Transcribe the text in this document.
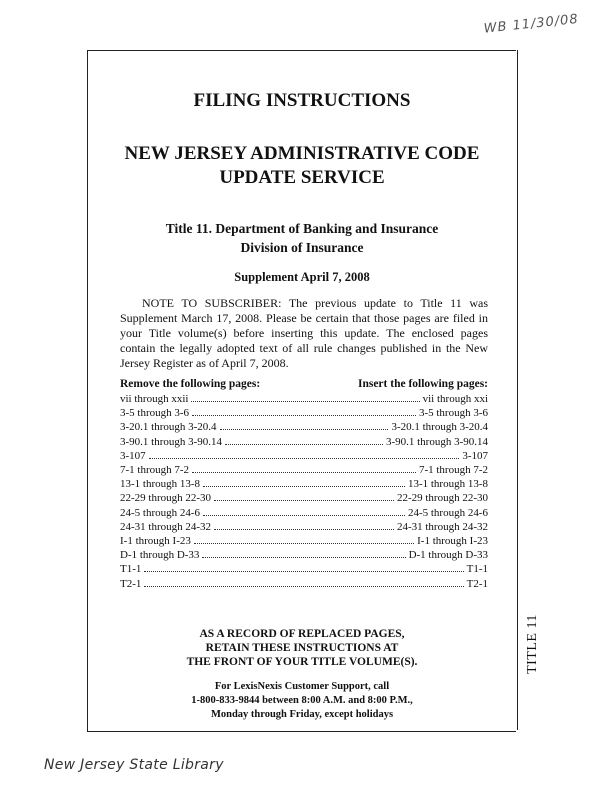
WB 11/30/08
TITLE 11
FILING INSTRUCTIONS
NEW JERSEY ADMINISTRATIVE CODE
UPDATE SERVICE
Title 11. Department of Banking and Insurance
Division of Insurance
Supplement April 7, 2008
NOTE TO SUBSCRIBER: The previous update to Title 11 was Supplement March 17, 2008. Please be certain that those pages are filed in your Title volume(s) before inserting this update. The enclosed pages contain the legally adopted text of all rule changes published in the New Jersey Register as of April 7, 2008.
Remove the following pages:	Insert the following pages:
vii through xxii	vii through xxi
3-5 through 3-6	3-5 through 3-6
3-20.1 through 3-20.4	3-20.1 through 3-20.4
3-90.1 through 3-90.14	3-90.1 through 3-90.14
3-107	3-107
7-1 through 7-2	7-1 through 7-2
13-1 through 13-8	13-1 through 13-8
22-29 through 22-30	22-29 through 22-30
24-5 through 24-6	24-5 through 24-6
24-31 through 24-32	24-31 through 24-32
I-1 through I-23	I-1 through I-23
D-1 through D-33	D-1 through D-33
T1-1	T1-1
T2-1	T2-1
AS A RECORD OF REPLACED PAGES,
RETAIN THESE INSTRUCTIONS AT
THE FRONT OF YOUR TITLE VOLUME(S).
For LexisNexis Customer Support, call
1-800-833-9844 between 8:00 A.M. and 8:00 P.M.,
Monday through Friday, except holidays
New Jersey State Library
